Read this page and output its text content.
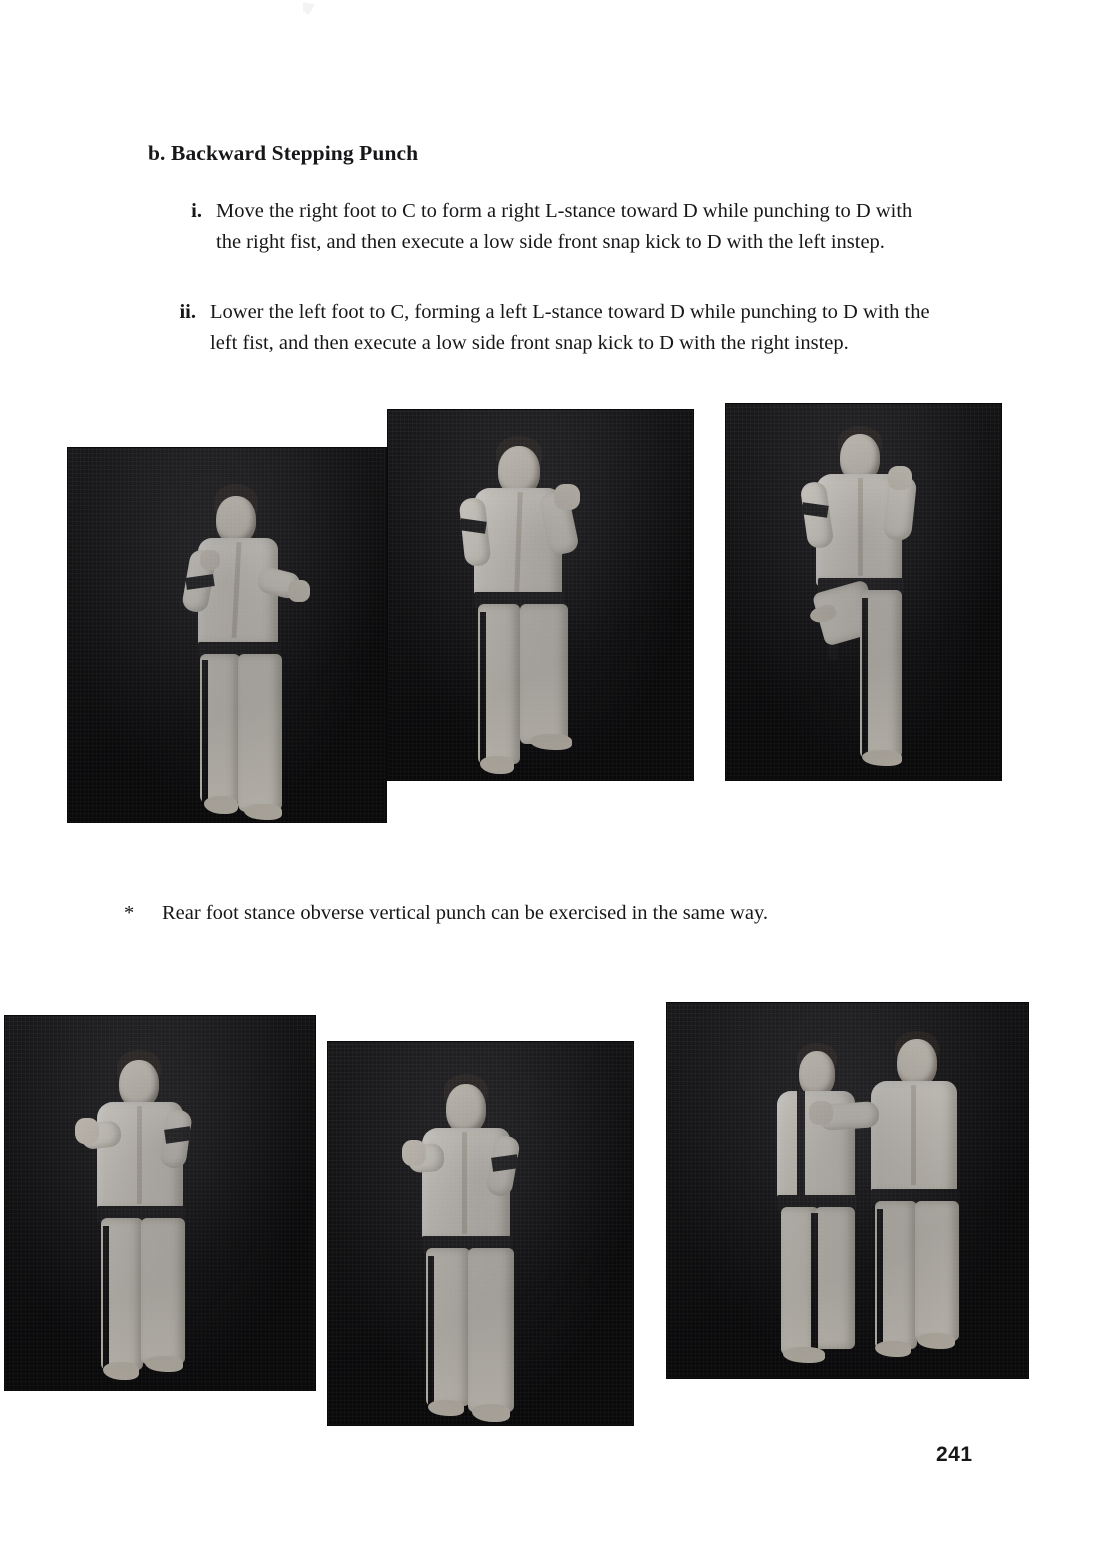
b. Backward Stepping Punch
i. Move the right foot to C to form a right L-stance toward D while punching to D with the right fist, and then execute a low side front snap kick to D with the left instep.
ii. Lower the left foot to C, forming a left L-stance toward D while punching to D with the left fist, and then execute a low side front snap kick to D with the right instep.
* Rear foot stance obverse vertical punch can be exercised in the same way.
241
